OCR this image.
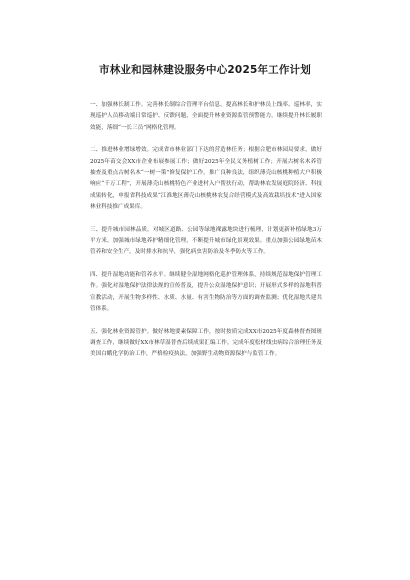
市林业和园林建设服务中心2025年工作计划

一、加强林长制工作。完善林长制综合管理平台信息，提高林长和护林员上线率、巡林率，实现巡护人员移动端日常巡护、反馈问题，全面提升林业资源监管预警能力。继续提升林长履职效能，落细“一长三员”网格化管理。

二、推进林业增绿增效。完成省市林业部门下达的营造林任务；根据合肥市林园局要求，做好2025年苗交会XX市企业布展参展工作；做好2025年全民义务植树工作；开展古树名木养管抽查及重点古树名木“一树一策”修复保护工作。推广良种良法，组织薄壳山核桃种植大户积极响应“千万工程”，开展薄壳山核桃特色产业进村入户帮扶行动，帮助林农发展庭院经济、科技成果转化，申报省科技成果“江淮地区薄壳山核桃林农复合经营模式及高效栽培技术”进入国家林业科技推广成果库。

三、提升城市园林品质。对城区道路、公园等绿地裸露地块进行梳理，计划更新补植绿地3万平方米。加强城市绿地养护精细化管理，不断提升城市绿化景观效果。重点加强公园绿地苗木管养和安全生产，及时排水和抗旱，强化病虫害防治及冬季防火等工作。

四、提升湿地功能和管养水平。继续健全湿地网格化巡护管理体系，持续规范湿地保护管理工作。强化对湿地保护法律法规的宣传普及，提升公众湿地保护意识；开展形式多样的湿地科普宣教活动，开展生物多样性、水质、水量、有害生物防治等方面的调查监测；优化湿地共建共管体系。

五、强化林业资源管护。做好林地要素保障工作，按时按质完成XX市2025年度森林督查图斑调查工作，继续做好XX市林草湿普查后续成果汇编工作。完成年度松材线虫病综合治理任务及美国白蛾化学防治工作，严格检疫执法，加强野生动物资源保护与监管工作。
